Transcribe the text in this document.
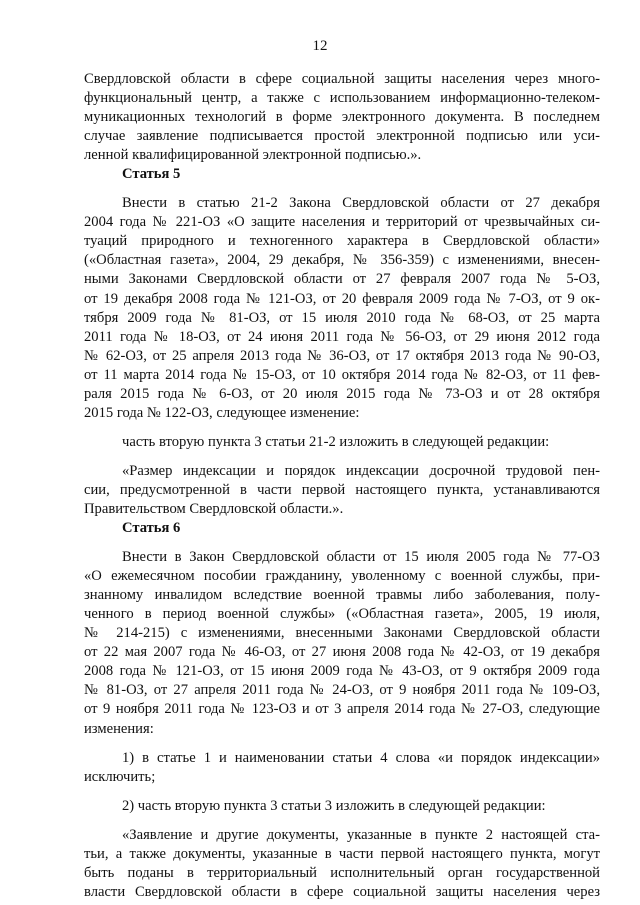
12

Свердловской области в сфере социальной защиты населения через много-

функциональный центр, а также с использованием информационно-телеком-

муникационных технологий в форме электронного документа. В последнем

случае заявление подписывается простой электронной подписью или уси-

ленной квалифицированной электронной подписью.».

Статья 5

Внести в статью 21-2 Закона Свердловской области от 27 декабря

2004 года № 221-ОЗ «О защите населения и территорий от чрезвычайных си-

туаций природного и техногенного характера в Свердловской области»

(«Областная газета», 2004, 29 декабря, № 356-359) с изменениями, внесен-

ными Законами Свердловской области от 27 февраля 2007 года № 5-ОЗ,

от 19 декабря 2008 года № 121-ОЗ, от 20 февраля 2009 года № 7-ОЗ, от 9 ок-

тября 2009 года № 81-ОЗ, от 15 июля 2010 года № 68-ОЗ, от 25 марта

2011 года № 18-ОЗ, от 24 июня 2011 года № 56-ОЗ, от 29 июня 2012 года

№ 62-ОЗ, от 25 апреля 2013 года № 36-ОЗ, от 17 октября 2013 года № 90-ОЗ,

от 11 марта 2014 года № 15-ОЗ, от 10 октября 2014 года № 82-ОЗ, от 11 фев-

раля 2015 года № 6-ОЗ, от 20 июля 2015 года № 73-ОЗ и от 28 октября

2015 года № 122-ОЗ, следующее изменение:

часть вторую пункта 3 статьи 21-2 изложить в следующей редакции:

«Размер индексации и порядок индексации досрочной трудовой пен-

сии, предусмотренной в части первой настоящего пункта, устанавливаются

Правительством Свердловской области.».

Статья 6

Внести в Закон Свердловской области от 15 июля 2005 года № 77-ОЗ

«О ежемесячном пособии гражданину, уволенному с военной службы, при-

знанному инвалидом вследствие военной травмы либо заболевания, полу-

ченного в период военной службы» («Областная газета», 2005, 19 июля,

№ 214-215) с изменениями, внесенными Законами Свердловской области

от 22 мая 2007 года № 46-ОЗ, от 27 июня 2008 года № 42-ОЗ, от 19 декабря

2008 года № 121-ОЗ, от 15 июня 2009 года № 43-ОЗ, от 9 октября 2009 года

№ 81-ОЗ, от 27 апреля 2011 года № 24-ОЗ, от 9 ноября 2011 года № 109-ОЗ,

от 9 ноября 2011 года № 123-ОЗ и от 3 апреля 2014 года № 27-ОЗ, следующие

изменения:

1) в статье 1 и наименовании статьи 4 слова «и порядок индексации»

исключить;

2) часть вторую пункта 3 статьи 3 изложить в следующей редакции:

«Заявление и другие документы, указанные в пункте 2 настоящей ста-

тьи, а также документы, указанные в части первой настоящего пункта, могут

быть поданы в территориальный исполнительный орган государственной

власти Свердловской области в сфере социальной защиты населения через
